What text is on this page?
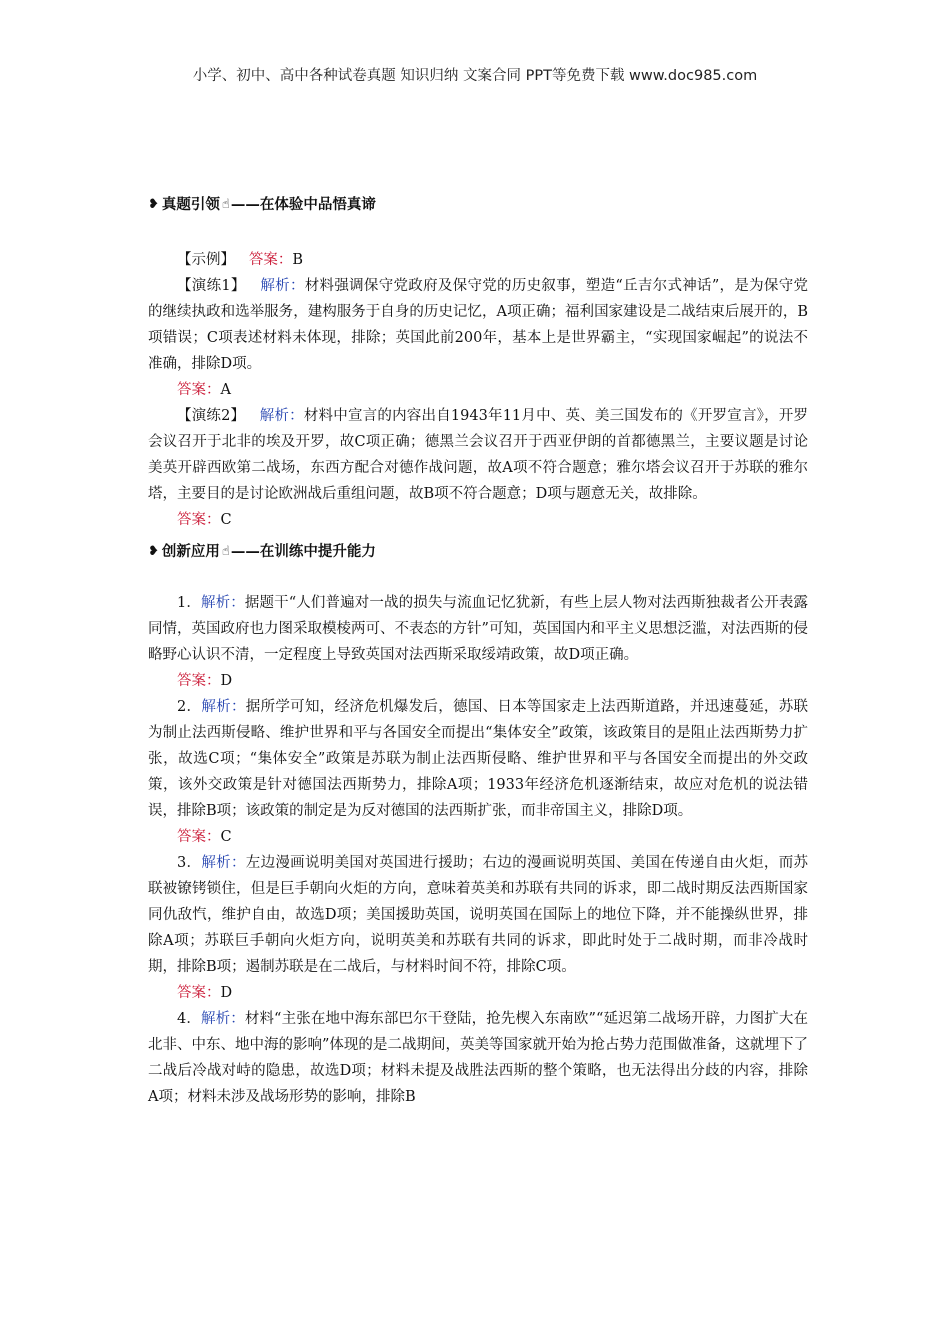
小学、初中、高中各种试卷真题 知识归纳 文案合同 PPT等免费下载 www.doc985.com
❥ 真题引领 ☝ ——在体验中品悟真谛
【示例】 答案：B
【演练1】 解析：材料强调保守党政府及保守党的历史叙事，塑造“丘吉尔式神话”，是为保守党的继续执政和选举服务，建构服务于自身的历史记忆，A项正确；福利国家建设是二战结束后展开的，B项错误；C项表述材料未体现，排除；英国此前200年，基本上是世界霸主，“实现国家崛起”的说法不准确，排除D项。
答案：A
【演练2】 解析：材料中宣言的内容出自1943年11月中、英、美三国发布的《开罗宣言》，开罗会议召开于北非的埃及开罗，故C项正确；德黑兰会议召开于西亚伊朗的首都德黑兰，主要议题是讨论美英开辟西欧第二战场，东西方配合对德作战问题，故A项不符合题意；雅尔塔会议召开于苏联的雅尔塔，主要目的是讨论欧洲战后重组问题，故B项不符合题意；D项与题意无关，故排除。
答案：C
❥ 创新应用 ☝ ——在训练中提升能力
1．解析：据题干“人们普遍对一战的损失与流血记忆犹新，有些上层人物对法西斯独裁者公开表露同情，英国政府也力图采取模棱两可、不表态的方针”可知，英国国内和平主义思想泛滥，对法西斯的侵略野心认识不清，一定程度上导致英国对法西斯采取绥靖政策，故D项正确。
答案：D
2．解析：据所学可知，经济危机爆发后，德国、日本等国家走上法西斯道路，并迅速蔓延，苏联为制止法西斯侵略、维护世界和平与各国安全而提出“集体安全”政策，该政策目的是阻止法西斯势力扩张，故选C项；“集体安全”政策是苏联为制止法西斯侵略、维护世界和平与各国安全而提出的外交政策，该外交政策是针对德国法西斯势力，排除A项；1933年经济危机逐渐结束，故应对危机的说法错误，排除B项；该政策的制定是为反对德国的法西斯扩张，而非帝国主义，排除D项。
答案：C
3．解析：左边漫画说明美国对英国进行援助；右边的漫画说明英国、美国在传递自由火炬，而苏联被镣铐锁住，但是巨手朝向火炬的方向，意味着英美和苏联有共同的诉求，即二战时期反法西斯国家同仇敌忾，维护自由，故选D项；美国援助英国，说明英国在国际上的地位下降，并不能操纵世界，排除A项；苏联巨手朝向火炬方向，说明英美和苏联有共同的诉求，即此时处于二战时期，而非冷战时期，排除B项；遏制苏联是在二战后，与材料时间不符，排除C项。
答案：D
4．解析：材料“主张在地中海东部巴尔干登陆，抢先楔入东南欧”“延迟第二战场开辟，力图扩大在北非、中东、地中海的影响”体现的是二战期间，英美等国家就开始为抢占势力范围做准备，这就埋下了二战后冷战对峙的隐患，故选D项；材料未提及战胜法西斯的整个策略，也无法得出分歧的内容，排除A项；材料未涉及战场形势的影响，排除B
